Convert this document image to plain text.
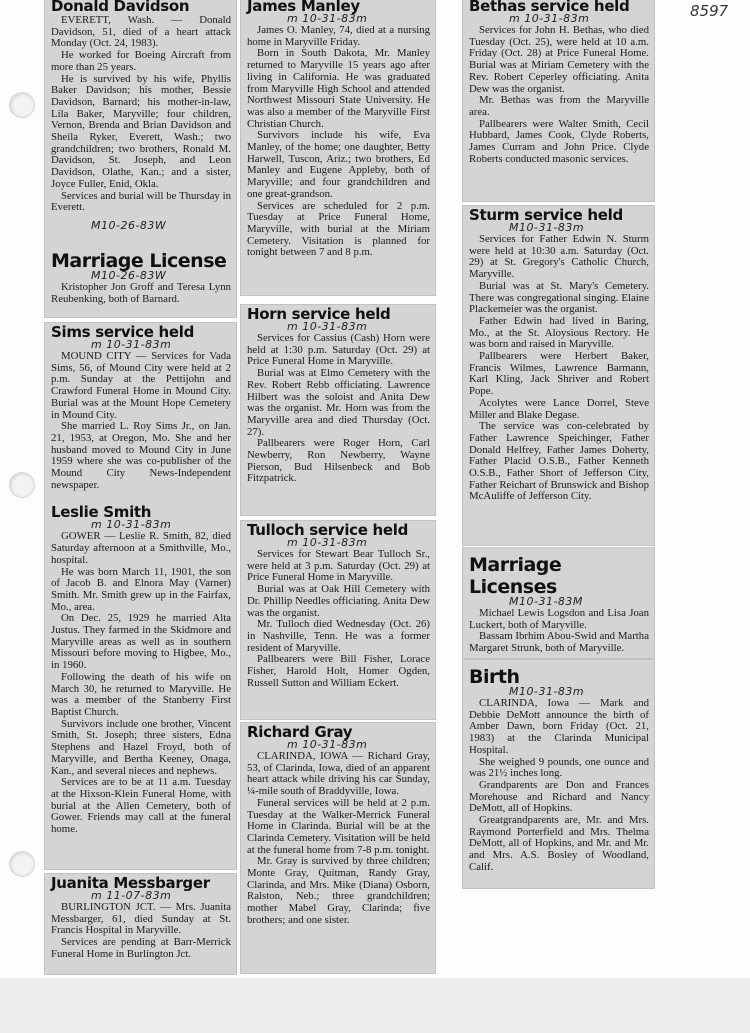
8597
Donald Davidson

EVERETT, Wash. — Donald Davidson, 51, died of a heart attack Monday (Oct. 24, 1983).

He worked for Boeing Aircraft from more than 25 years.

He is survived by his wife, Phyllis Baker Davidson; his mother, Bessie Davidson, Barnard; his mother-in-law, Lila Baker, Maryville; four children, Vernon, Brenda and Brian Davidson and Sheila Ryker, Everett, Wash.; two grandchildren; two brothers, Ronald M. Davidson, St. Joseph, and Leon Davidson, Olathe, Kan.; and a sister, Joyce Fuller, Enid, Okla.

Services and burial will be Thursday in Everett.

M10-26-83W
Marriage License
M10-26-83W

Kristopher Jon Groff and Teresa Lynn Reubenking, both of Barnard.

Sims service held
m 10-31-83m

MOUND CITY — Services for Vada Sims, 56, of Mound City were held at 2 p.m. Sunday at the Pettijohn and Crawford Funeral Home in Mound City. Burial was at the Mount Hope Cemetery in Mound City.

She married L. Roy Sims Jr., on Jan. 21, 1953, at Oregon, Mo. She and her husband moved to Mound City in June 1959 where she was co-publisher of the Mound City News-Independent newspaper.

Leslie Smith
m 10-31-83m

GOWER — Leslie R. Smith, 82, died Saturday afternoon at a Smithville, Mo., hospital.

He was born March 11, 1901, the son of Jacob B. and Elnora May (Varner) Smith. Mr. Smith grew up in the Fairfax, Mo., area.

On Dec. 25, 1929 he married Alta Justus. They farmed in the Skidmore and Maryville areas as well as in southern Missouri before moving to Higbee, Mo., in 1960.

Following the death of his wife on March 30, he returned to Maryville. He was a member of the Stanberry First Baptist Church.

Survivors include one brother, Vincent Smith, St. Joseph; three sisters, Edna Stephens and Hazel Froyd, both of Maryville, and Bertha Keeney, Onaga, Kan., and several nieces and nephews.

Services are to be at 11 a.m. Tuesday at the Hixson-Klein Funeral Home, with burial at the Allen Cemetery, both of Gower. Friends may call at the funeral home.

Juanita Messbarger
m 11-07-83m

BURLINGTON JCT. — Mrs. Juanita Messbarger, 61, died Sunday at St. Francis Hospital in Maryville.

Services are pending at Barr-Merrick Funeral Home in Burlington Jct.

James Manley
m 10-31-83m

James O. Manley, 74, died at a nursing home in Maryville Friday.

Born in South Dakota, Mr. Manley returned to Maryville 15 years ago after living in California. He was graduated from Maryville High School and attended Northwest Missouri State University. He was also a member of the Maryville First Christian Church.

Survivors include his wife, Eva Manley, of the home; one daughter, Betty Harwell, Tuscon, Ariz.; two brothers, Ed Manley and Eugene Appleby, both of Maryville; and four grandchildren and one great-grandson.

Services are scheduled for 2 p.m. Tuesday at Price Funeral Home, Maryville, with burial at the Miriam Cemetery. Visitation is planned for tonight between 7 and 8 p.m.

Horn service held
m 10-31-83m

Services for Cassius (Cash) Horn were held at 1:30 p.m. Saturday (Oct. 29) at Price Funeral Home in Maryville.

Burial was at Elmo Cemetery with the Rev. Robert Rebb officiating. Lawrence Hilbert was the soloist and Anita Dew was the organist. Mr. Horn was from the Maryville area and died Thursday (Oct. 27).

Pallbearers were Roger Horn, Carl Newberry, Ron Newberry, Wayne Pierson, Bud Hilsenbeck and Bob Fitzpatrick.

Tulloch service held
m 10-31-83m

Services for Stewart Bear Tulloch Sr., were held at 3 p.m. Saturday (Oct. 29) at Price Funeral Home in Maryville.

Burial was at Oak Hill Cemetery with Dr. Phillip Needles officiating. Anita Dew was the organist.

Mr. Tulloch died Wednesday (Oct. 26) in Nashville, Tenn. He was a former resident of Maryville.

Pallbearers were Bill Fisher, Lorace Fisher, Harold Holt, Homer Ogden, Russell Sutton and William Eckert.

Richard Gray
m 10-31-83m

CLARINDA, IOWA — Richard Gray, 53, of Clarinda, Iowa, died of an apparent heart attack while driving his car Sunday, ¼-mile south of Braddyville, Iowa.

Funeral services will be held at 2 p.m. Tuesday at the Walker-Merrick Funeral Home in Clarinda. Burial will be at the Clarinda Cemetery. Visitation will be held at the funeral home from 7-8 p.m. tonight.

Mr. Gray is survived by three children; Monte Gray, Quitman, Randy Gray, Clarinda, and Mrs. Mike (Diana) Osborn, Ralston, Neb.; three grandchildren; mother Mabel Gray, Clarinda; five brothers; and one sister.

Bethas service held
m 10-31-83m

Services for John H. Bethas, who died Tuesday (Oct. 25), were held at 10 a.m. Friday (Oct. 28) at Price Funeral Home. Burial was at Miriam Cemetery with the Rev. Robert Ceperley officiating. Anita Dew was the organist.

Mr. Bethas was from the Maryville area.

Pallbearers were Walter Smith, Cecil Hubbard, James Cook, Clyde Roberts, James Curram and John Price. Clyde Roberts conducted masonic services.

Sturm service held
M10-31-83m

Services for Father Edwin N. Sturm were held at 10:30 a.m. Saturday (Oct. 29) at St. Gregory's Catholic Church, Maryville.

Burial was at St. Mary's Cemetery. There was congregational singing. Elaine Plackemeier was the organist.

Father Edwin had lived in Baring, Mo., at the St. Aloysious Rectory. He was born and raised in Maryville.

Pallbearers were Herbert Baker, Francis Wilmes, Lawrence Barmann, Karl Kling, Jack Shriver and Robert Pope.

Acolytes were Lance Dorrel, Steve Miller and Blake Degase.

The service was con-celebrated by Father Lawrence Speichinger, Father Donald Helfrey, Father James Doherty, Father Placid O.S.B., Father Kenneth O.S.B., Father Short of Jefferson City, Father Reichart of Brunswick and Bishop McAuliffe of Jefferson City.

Marriage Licenses
M10-31-83M

Michael Lewis Logsdon and Lisa Joan Luckert, both of Maryville.

Bassam Ibrhim Abou-Swid and Martha Margaret Strunk, both of Maryville.

Birth
M10-31-83m

CLARINDA, Iowa — Mark and Debbie DeMott announce the birth of Amber Dawn, born Friday (Oct. 21, 1983) at the Clarinda Municipal Hospital.

She weighed 9 pounds, one ounce and was 21½ inches long.

Grandparents are Don and Frances Morehouse and Richard and Nancy DeMott, all of Hopkins.

Greatgrandparents are, Mr. and Mrs. Raymond Porterfield and Mrs. Thelma DeMott, all of Hopkins, and Mr. and Mr. and Mrs. A.S. Bosley of Woodland, Calif.
